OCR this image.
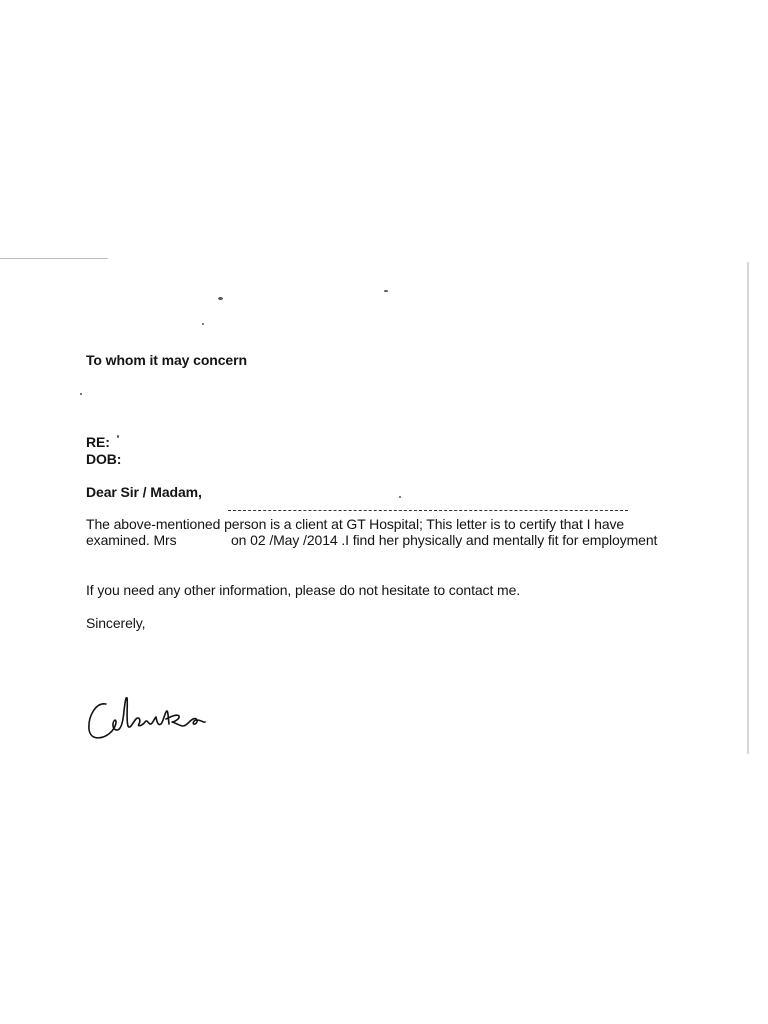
To whom it may concern
RE:
DOB:
Dear Sir / Madam,
The above-mentioned person is a client at GT Hospital; This letter is to certify that I have
examined. Mrs	on 02 /May /2014 .I find her physically and mentally fit for employment
If you need any other information, please do not hesitate to contact me.
Sincerely,
